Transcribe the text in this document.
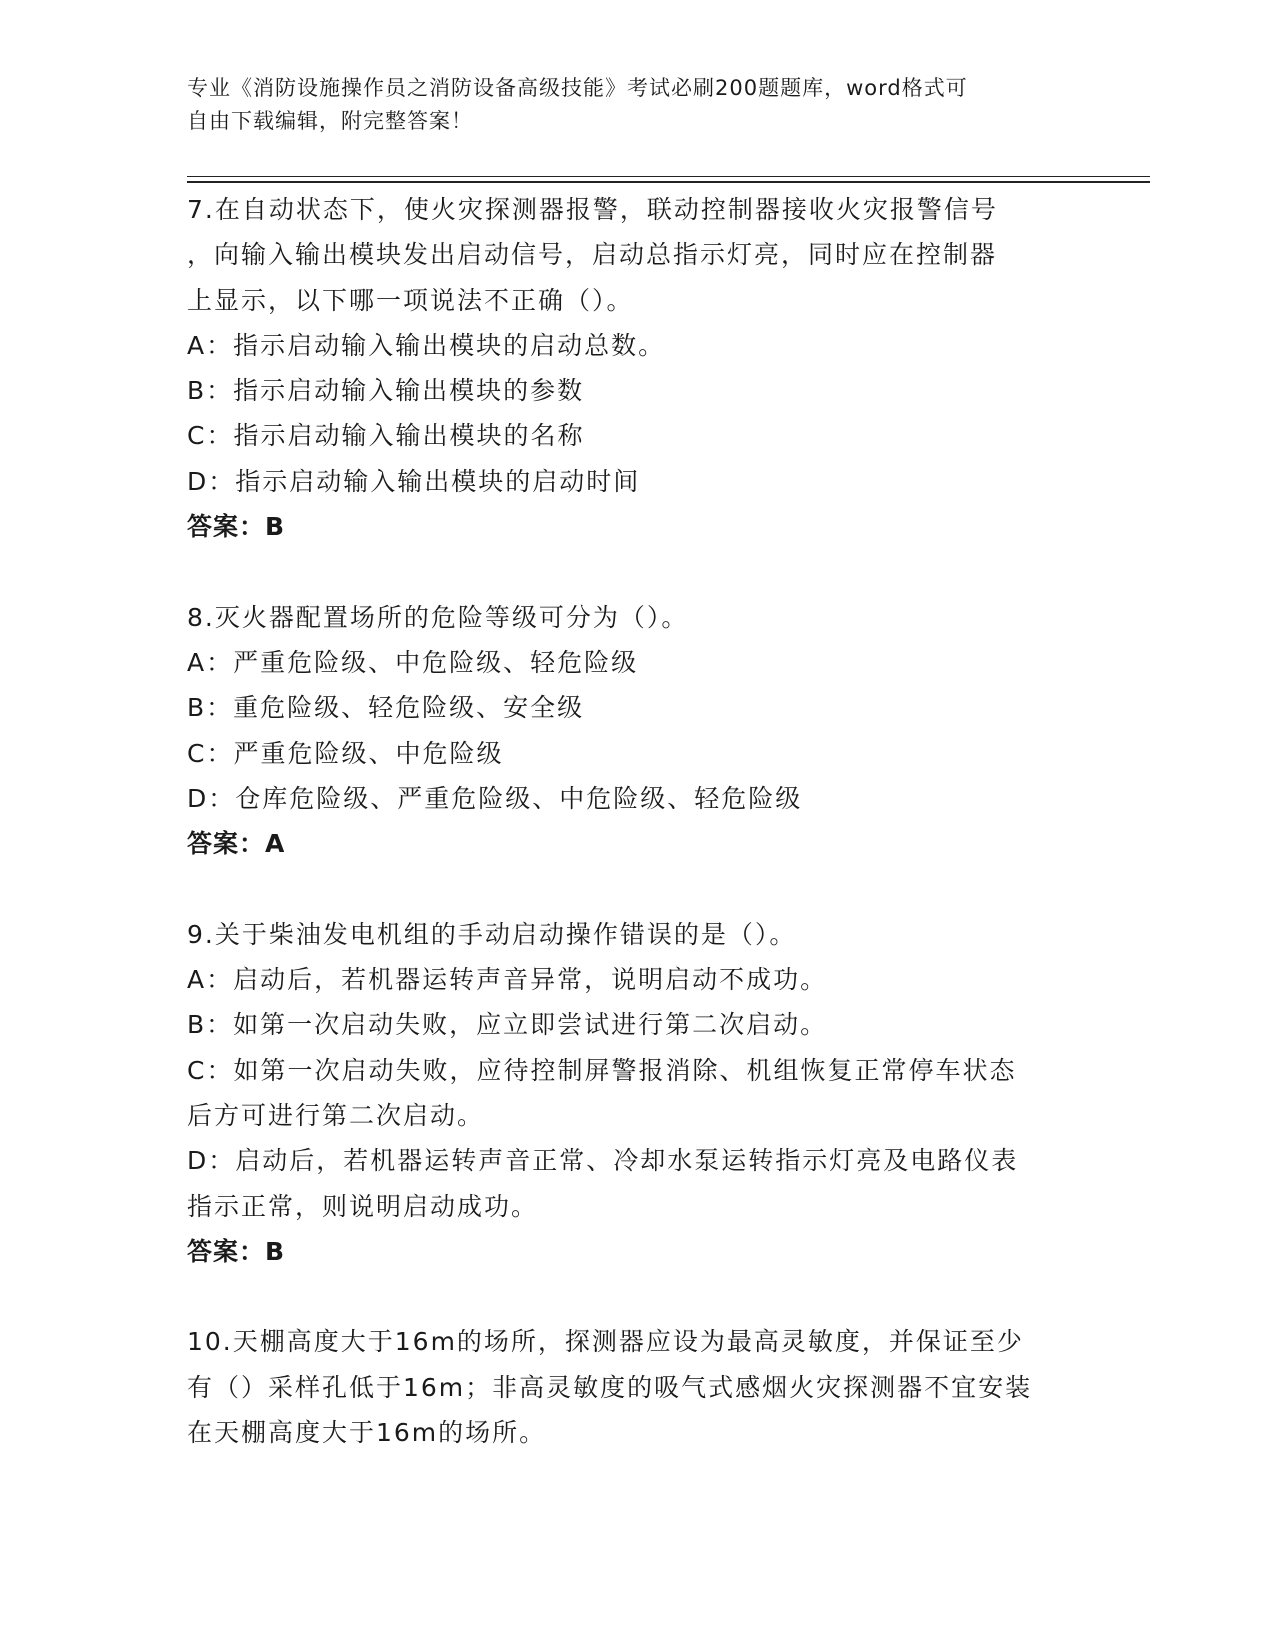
专业《消防设施操作员之消防设备高级技能》考试必刷200题题库，word格式可
自由下载编辑，附完整答案！
7.在自动状态下，使火灾探测器报警，联动控制器接收火灾报警信号
，向输入输出模块发出启动信号，启动总指示灯亮，同时应在控制器
上显示，以下哪一项说法不正确（）。
A：指示启动输入输出模块的启动总数。
B：指示启动输入输出模块的参数
C：指示启动输入输出模块的名称
D：指示启动输入输出模块的启动时间
答案：B
8.灭火器配置场所的危险等级可分为（）。
A：严重危险级、中危险级、轻危险级
B：重危险级、轻危险级、安全级
C：严重危险级、中危险级
D：仓库危险级、严重危险级、中危险级、轻危险级
答案：A
9.关于柴油发电机组的手动启动操作错误的是（）。
A：启动后，若机器运转声音异常，说明启动不成功。
B：如第一次启动失败，应立即尝试进行第二次启动。
C：如第一次启动失败，应待控制屏警报消除、机组恢复正常停车状态
后方可进行第二次启动。
D：启动后，若机器运转声音正常、冷却水泵运转指示灯亮及电路仪表
指示正常，则说明启动成功。
答案：B
10.天棚高度大于16m的场所，探测器应设为最高灵敏度，并保证至少
有（）采样孔低于16m；非高灵敏度的吸气式感烟火灾探测器不宜安装
在天棚高度大于16m的场所。
